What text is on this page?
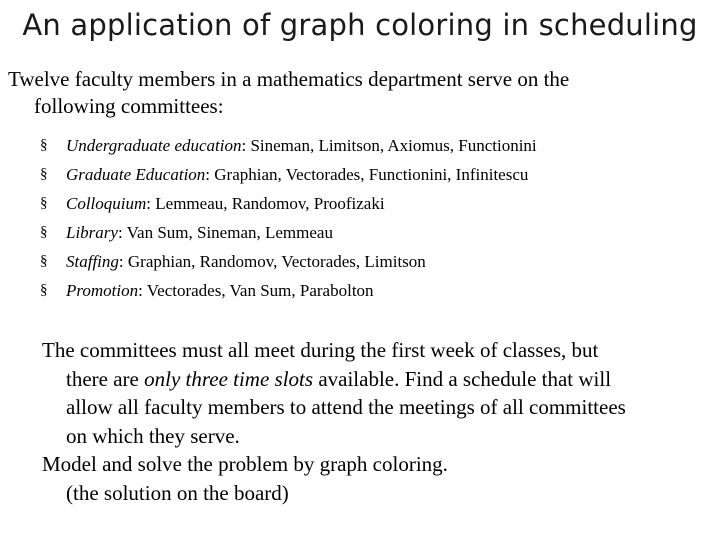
An application of graph coloring in scheduling
Twelve faculty members in a mathematics department serve on the
following committees:
§ Undergraduate education: Sineman, Limitson, Axiomus, Functionini
§ Graduate Education: Graphian, Vectorades, Functionini, Infinitescu
§ Colloquium: Lemmeau, Randomov, Proofizaki
§ Library: Van Sum, Sineman, Lemmeau
§ Staffing: Graphian, Randomov, Vectorades, Limitson
§ Promotion: Vectorades, Van Sum, Parabolton
The committees must all meet during the first week of classes, but
there are only three time slots available. Find a schedule that will
allow all faculty members to attend the meetings of all committees
on which they serve.
Model and solve the problem by graph coloring.
(the solution on the board)
